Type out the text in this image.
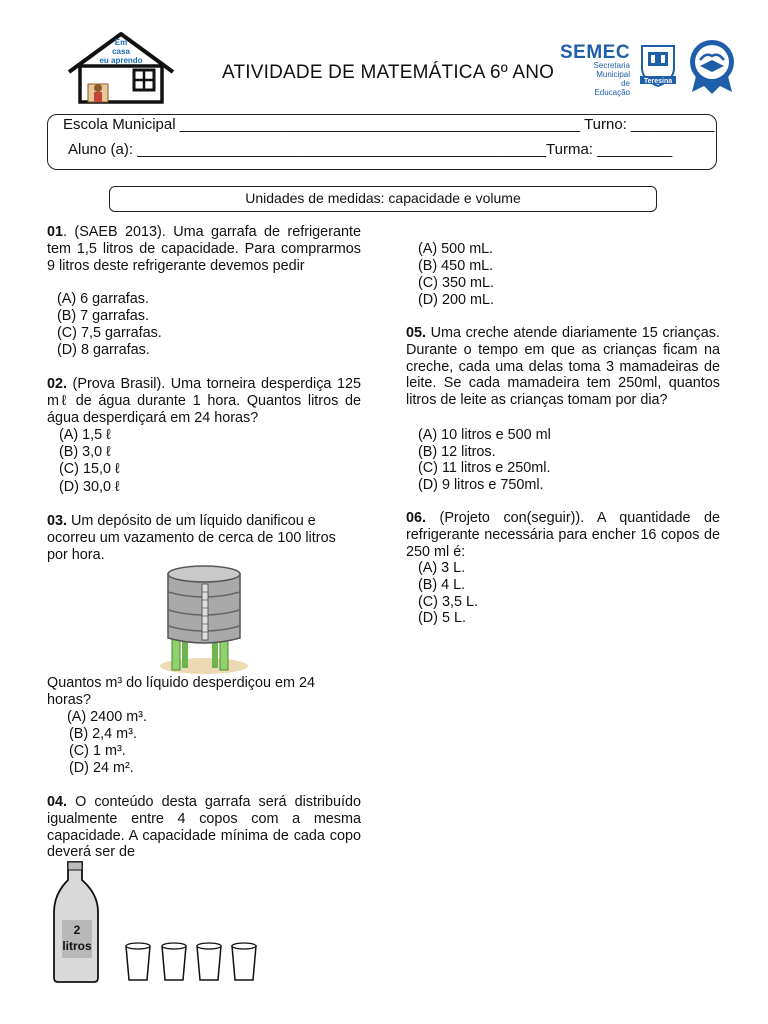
Em
casa
eu aprendo
ATIVIDADE DE MATEMÁTICA 6º ANO
SEMEC
Secretaria
Municipal
de Educação
Teresina
Escola Municipal ________________________________________________ Turno: __________
Aluno (a): _________________________________________________Turma: _________
Unidades de medidas: capacidade e volume
01. (SAEB 2013). Uma garrafa de refrigerante tem 1,5 litros de capacidade. Para comprarmos 9 litros deste refrigerante devemos pedir
(A) 6 garrafas.
(B) 7 garrafas.
(C) 7,5 garrafas.
(D) 8 garrafas.
02. (Prova Brasil). Uma torneira desperdiça 125 mℓ de água durante 1 hora. Quantos litros de água desperdiçará em 24 horas?
(A) 1,5 ℓ
(B) 3,0 ℓ
(C) 15,0 ℓ
(D) 30,0 ℓ
03. Um depósito de um líquido danificou e ocorreu um vazamento de cerca de 100 litros por hora.
Quantos m³ do líquido desperdiçou em 24 horas?
(A) 2400 m³.
(B) 2,4 m³.
(C) 1 m³.
(D) 24 m².
04. O conteúdo desta garrafa será distribuído igualmente entre 4 copos com a mesma capacidade. A capacidade mínima de cada copo deverá ser de
2
litros
(A) 500 mL.
(B) 450 mL.
(C) 350 mL.
(D) 200 mL.
05. Uma creche atende diariamente 15 crianças. Durante o tempo em que as crianças ficam na creche, cada uma delas toma 3 mamadeiras de leite. Se cada mamadeira tem 250ml, quantos litros de leite as crianças tomam por dia?
(A) 10 litros e 500 ml
(B) 12 litros.
(C) 11 litros e 250ml.
(D) 9 litros e 750ml.
06. (Projeto con(seguir)). A quantidade de refrigerante necessária para encher 16 copos de 250 ml é:
(A) 3 L.
(B) 4 L.
(C) 3,5 L.
(D) 5 L.
